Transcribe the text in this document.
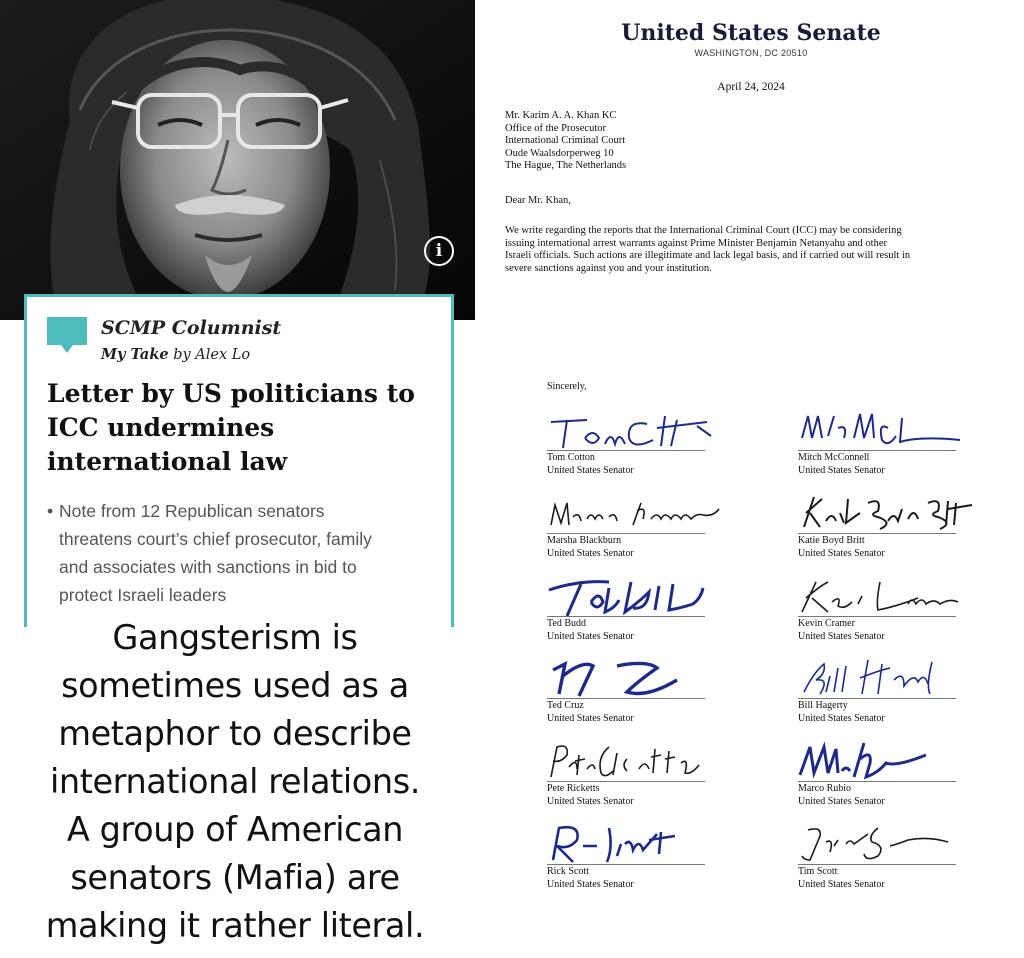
i
SCMP Columnist
My Take by Alex Lo
Letter by US politicians to ICC undermines international law
• Note from 12 Republican senators
threatens court’s chief prosecutor, family
and associates with sanctions in bid to
protect Israeli leaders
Gangsterism is
sometimes used as a
metaphor to describe
international relations.
A group of American
senators (Mafia) are
making it rather literal.
United States Senate
WASHINGTON, DC 20510
April 24, 2024
Mr. Karim A. A. Khan KC
Office of the Prosecutor
International Criminal Court
Oude Waalsdorperweg 10
The Hague, The Netherlands
Dear Mr. Khan,
We write regarding the reports that the International Criminal Court (ICC) may be considering
issuing international arrest warrants against Prime Minister Benjamin Netanyahu and other
Israeli officials. Such actions are illegitimate and lack legal basis, and if carried out will result in
severe sanctions against you and your institution.
Sincerely,
Tom Cotton
United States Senator
Mitch McConnell
United States Senator
Marsha Blackburn
United States Senator
Katie Boyd Britt
United States Senator
Ted Budd
United States Senator
Kevin Cramer
United States Senator
Ted Cruz
United States Senator
Bill Hagerty
United States Senator
Pete Ricketts
United States Senator
Marco Rubio
United States Senator
Rick Scott
United States Senator
Tim Scott
United States Senator
